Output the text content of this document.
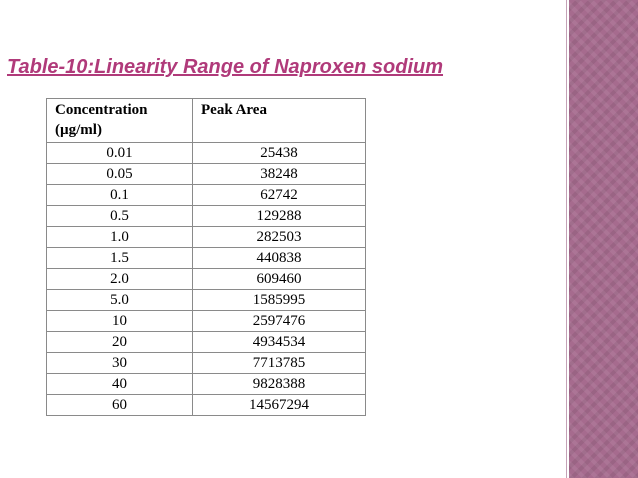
Table-10:Linearity Range of Naproxen sodium
Concentration
(µg/ml)	Peak Area
0.01	25438
0.05	38248
0.1	62742
0.5	129288
1.0	282503
1.5	440838
2.0	609460
5.0	1585995
10	2597476
20	4934534
30	7713785
40	9828388
60	14567294
